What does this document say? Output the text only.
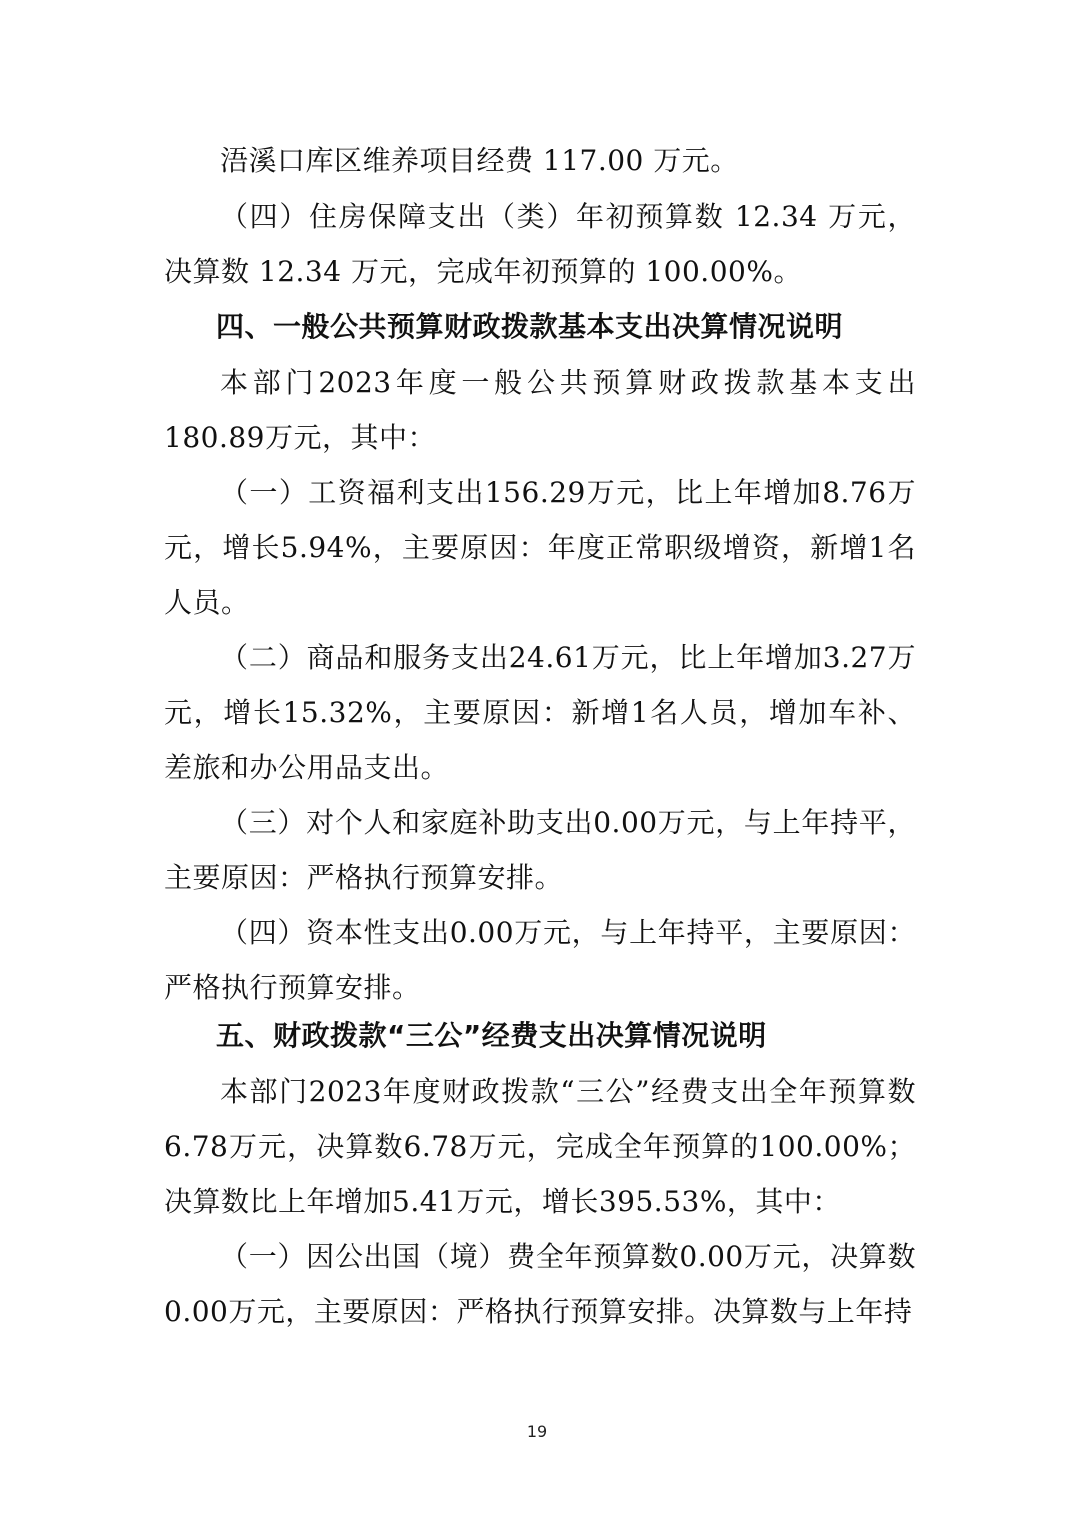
浯溪口库区维养项目经费 117.00 万元。

（四）住房保障支出（类）年初预算数 12.34 万元，决算数 12.34 万元，完成年初预算的 100.00%。

四、一般公共预算财政拨款基本支出决算情况说明

本部门2023年度一般公共预算财政拨款基本支出180.89万元，其中：

（一）工资福利支出156.29万元，比上年增加8.76万元，增长5.94%，主要原因：年度正常职级增资，新增1名人员。

（二）商品和服务支出24.61万元，比上年增加3.27万元，增长15.32%，主要原因：新增1名人员，增加车补、差旅和办公用品支出。

（三）对个人和家庭补助支出0.00万元，与上年持平，主要原因：严格执行预算安排。

（四）资本性支出0.00万元，与上年持平，主要原因：严格执行预算安排。

五、财政拨款“三公”经费支出决算情况说明

本部门2023年度财政拨款“三公”经费支出全年预算数6.78万元，决算数6.78万元，完成全年预算的100.00%；决算数比上年增加5.41万元，增长395.53%，其中：

（一）因公出国（境）费全年预算数0.00万元，决算数0.00万元，主要原因：严格执行预算安排。决算数与上年持

19
